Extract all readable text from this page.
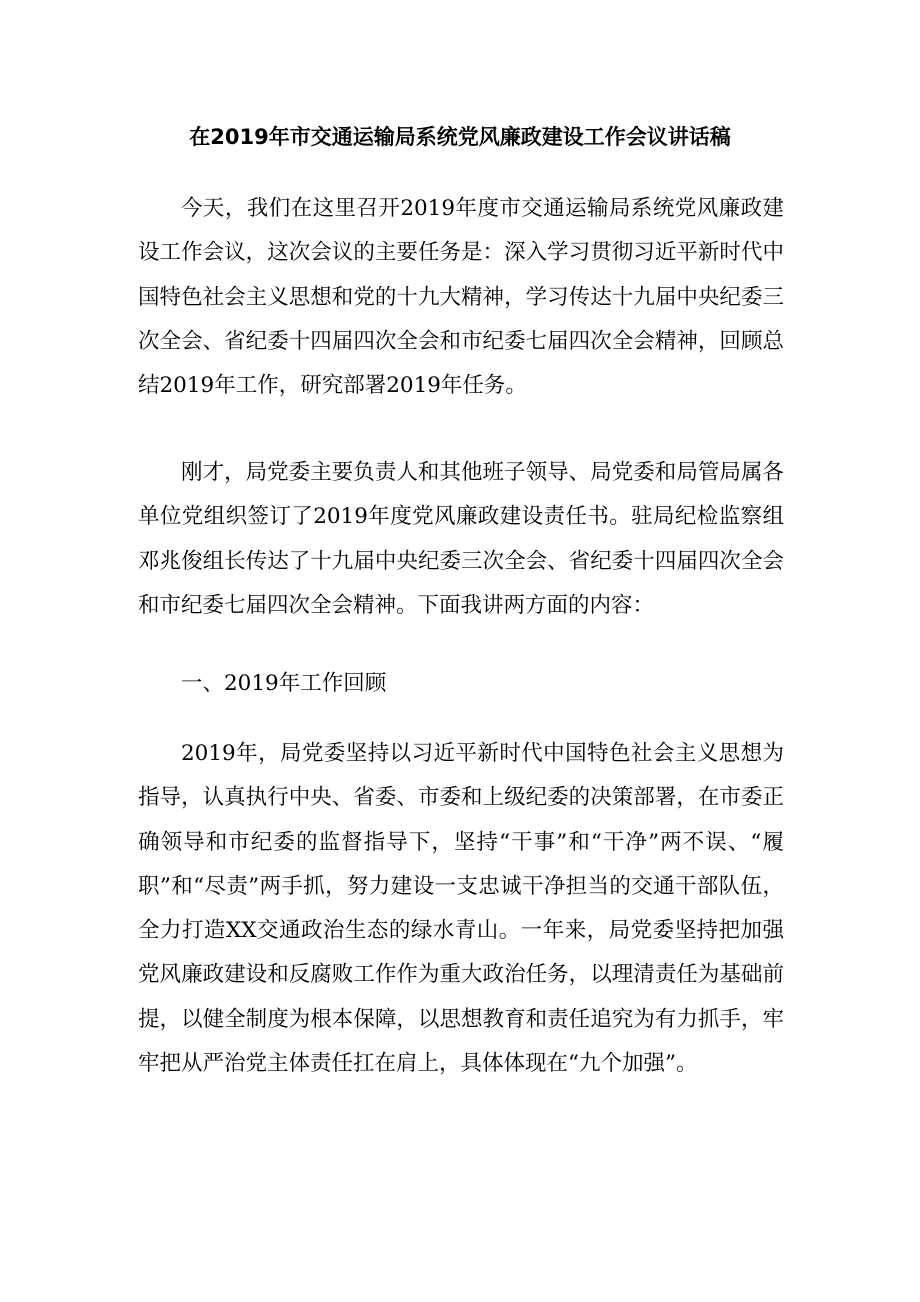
在2019年市交通运输局系统党风廉政建设工作会议讲话稿

今天，我们在这里召开2019年度市交通运输局系统党风廉政建设工作会议，这次会议的主要任务是：深入学习贯彻习近平新时代中国特色社会主义思想和党的十九大精神，学习传达十九届中央纪委三次全会、省纪委十四届四次全会和市纪委七届四次全会精神，回顾总结2019年工作，研究部署2019年任务。

刚才，局党委主要负责人和其他班子领导、局党委和局管局属各单位党组织签订了2019年度党风廉政建设责任书。驻局纪检监察组邓兆俊组长传达了十九届中央纪委三次全会、省纪委十四届四次全会和市纪委七届四次全会精神。下面我讲两方面的内容：

一、2019年工作回顾

2019年，局党委坚持以习近平新时代中国特色社会主义思想为指导，认真执行中央、省委、市委和上级纪委的决策部署，在市委正确领导和市纪委的监督指导下，坚持“干事”和“干净”两不误、“履职”和“尽责”两手抓，努力建设一支忠诚干净担当的交通干部队伍，全力打造XX交通政治生态的绿水青山。一年来，局党委坚持把加强党风廉政建设和反腐败工作作为重大政治任务，以理清责任为基础前提，以健全制度为根本保障，以思想教育和责任追究为有力抓手，牢牢把从严治党主体责任扛在肩上，具体体现在“九个加强”。
